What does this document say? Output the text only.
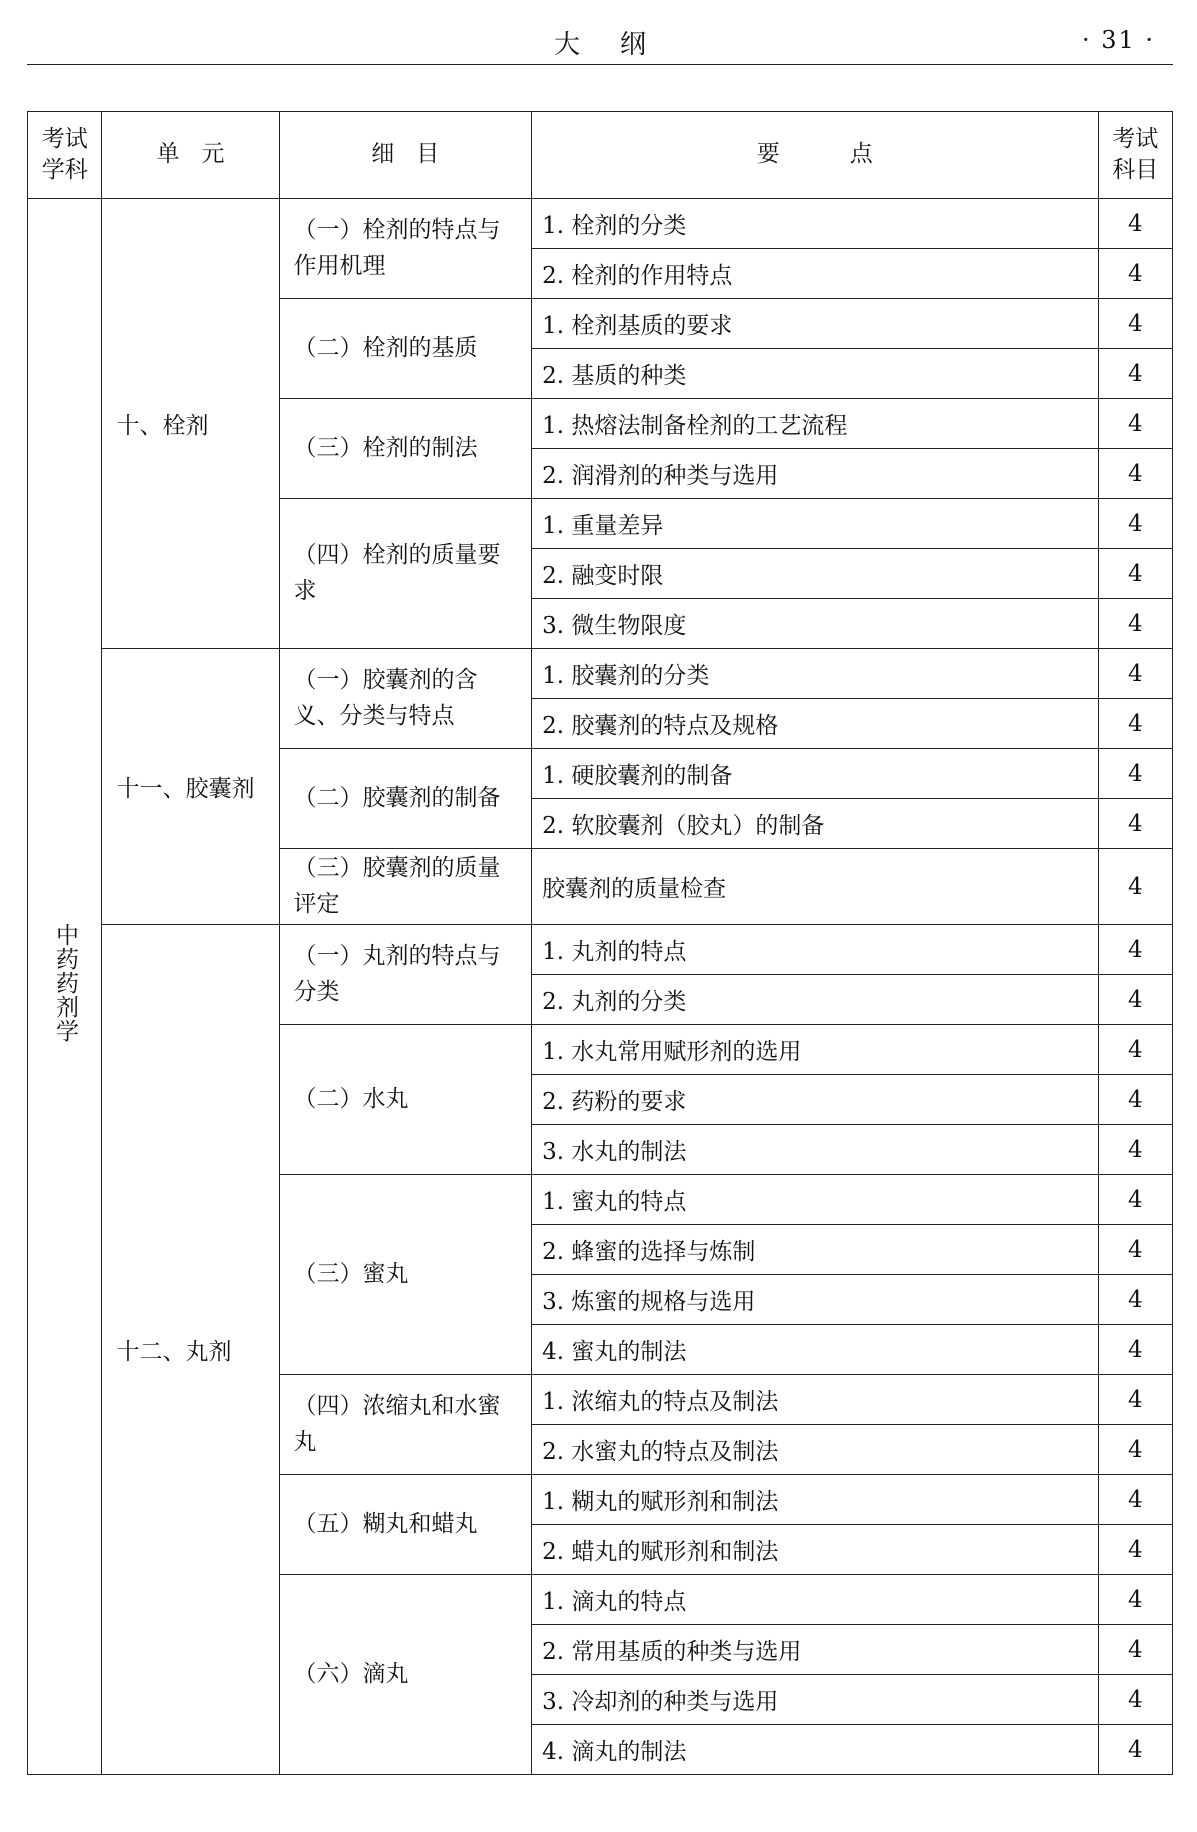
大纲	· 31 ·
考试学科	单元	细目	要点	考试科目
中药药剂学	十、栓剂	（一）栓剂的特点与作用机理	1. 栓剂的分类	4
			2. 栓剂的作用特点	4
		（二）栓剂的基质	1. 栓剂基质的要求	4
			2. 基质的种类	4
		（三）栓剂的制法	1. 热熔法制备栓剂的工艺流程	4
			2. 润滑剂的种类与选用	4
		（四）栓剂的质量要求	1. 重量差异	4
			2. 融变时限	4
			3. 微生物限度	4
	十一、胶囊剂	（一）胶囊剂的含义、分类与特点	1. 胶囊剂的分类	4
			2. 胶囊剂的特点及规格	4
		（二）胶囊剂的制备	1. 硬胶囊剂的制备	4
			2. 软胶囊剂（胶丸）的制备	4
		（三）胶囊剂的质量评定	胶囊剂的质量检查	4
	十二、丸剂	（一）丸剂的特点与分类	1. 丸剂的特点	4
			2. 丸剂的分类	4
		（二）水丸	1. 水丸常用赋形剂的选用	4
			2. 药粉的要求	4
			3. 水丸的制法	4
		（三）蜜丸	1. 蜜丸的特点	4
			2. 蜂蜜的选择与炼制	4
			3. 炼蜜的规格与选用	4
			4. 蜜丸的制法	4
		（四）浓缩丸和水蜜丸	1. 浓缩丸的特点及制法	4
			2. 水蜜丸的特点及制法	4
		（五）糊丸和蜡丸	1. 糊丸的赋形剂和制法	4
			2. 蜡丸的赋形剂和制法	4
		（六）滴丸	1. 滴丸的特点	4
			2. 常用基质的种类与选用	4
			3. 冷却剂的种类与选用	4
			4. 滴丸的制法	4
